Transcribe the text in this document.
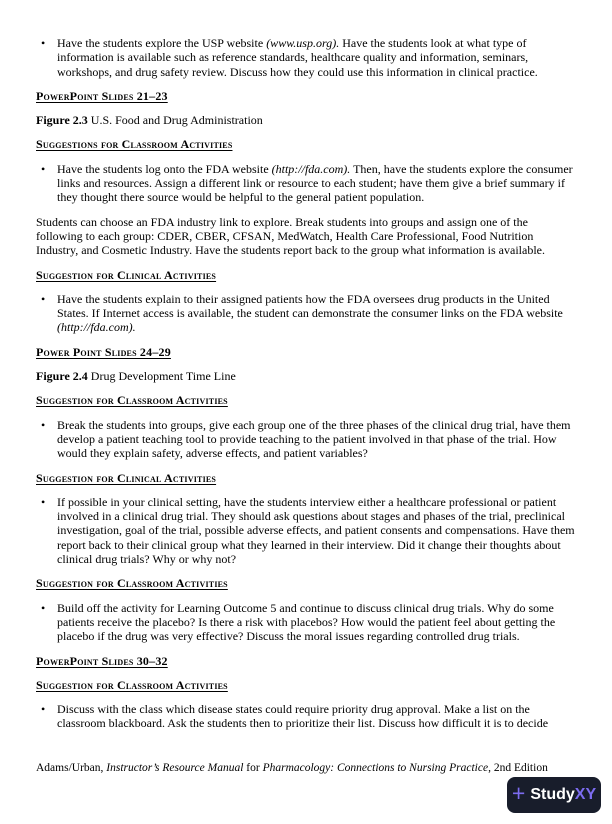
• Have the students explore the USP website (www.usp.org). Have the students look at what type of information is available such as reference standards, healthcare quality and information, seminars, workshops, and drug safety review. Discuss how they could use this information in clinical practice.
PowerPoint Slides 21–23
Figure 2.3 U.S. Food and Drug Administration
Suggestions for Classroom Activities
• Have the students log onto the FDA website (http://fda.com). Then, have the students explore the consumer links and resources. Assign a different link or resource to each student; have them give a brief summary if they thought there source would be helpful to the general patient population.
Students can choose an FDA industry link to explore. Break students into groups and assign one of the following to each group: CDER, CBER, CFSAN, MedWatch, Health Care Professional, Food Nutrition Industry, and Cosmetic Industry. Have the students report back to the group what information is available.
Suggestion for Clinical Activities
• Have the students explain to their assigned patients how the FDA oversees drug products in the United States. If Internet access is available, the student can demonstrate the consumer links on the FDA website (http://fda.com).
Power Point Slides 24–29
Figure 2.4 Drug Development Time Line
Suggestion for Classroom Activities
• Break the students into groups, give each group one of the three phases of the clinical drug trial, have them develop a patient teaching tool to provide teaching to the patient involved in that phase of the trial. How would they explain safety, adverse effects, and patient variables?
Suggestion for Clinical Activities
• If possible in your clinical setting, have the students interview either a healthcare professional or patient involved in a clinical drug trial. They should ask questions about stages and phases of the trial, preclinical investigation, goal of the trial, possible adverse effects, and patient consents and compensations. Have them report back to their clinical group what they learned in their interview. Did it change their thoughts about clinical drug trials? Why or why not?
Suggestion for Classroom Activities
• Build off the activity for Learning Outcome 5 and continue to discuss clinical drug trials. Why do some patients receive the placebo? Is there a risk with placebos? How would the patient feel about getting the placebo if the drug was very effective? Discuss the moral issues regarding controlled drug trials.
PowerPoint Slides 30–32
Suggestion for Classroom Activities
• Discuss with the class which disease states could require priority drug approval. Make a list on the classroom blackboard. Ask the students then to prioritize their list. Discuss how difficult it is to decide
Adams/Urban, Instructor’s Resource Manual for Pharmacology: Connections to Nursing Practice, 2nd Edition
+ StudyXY
